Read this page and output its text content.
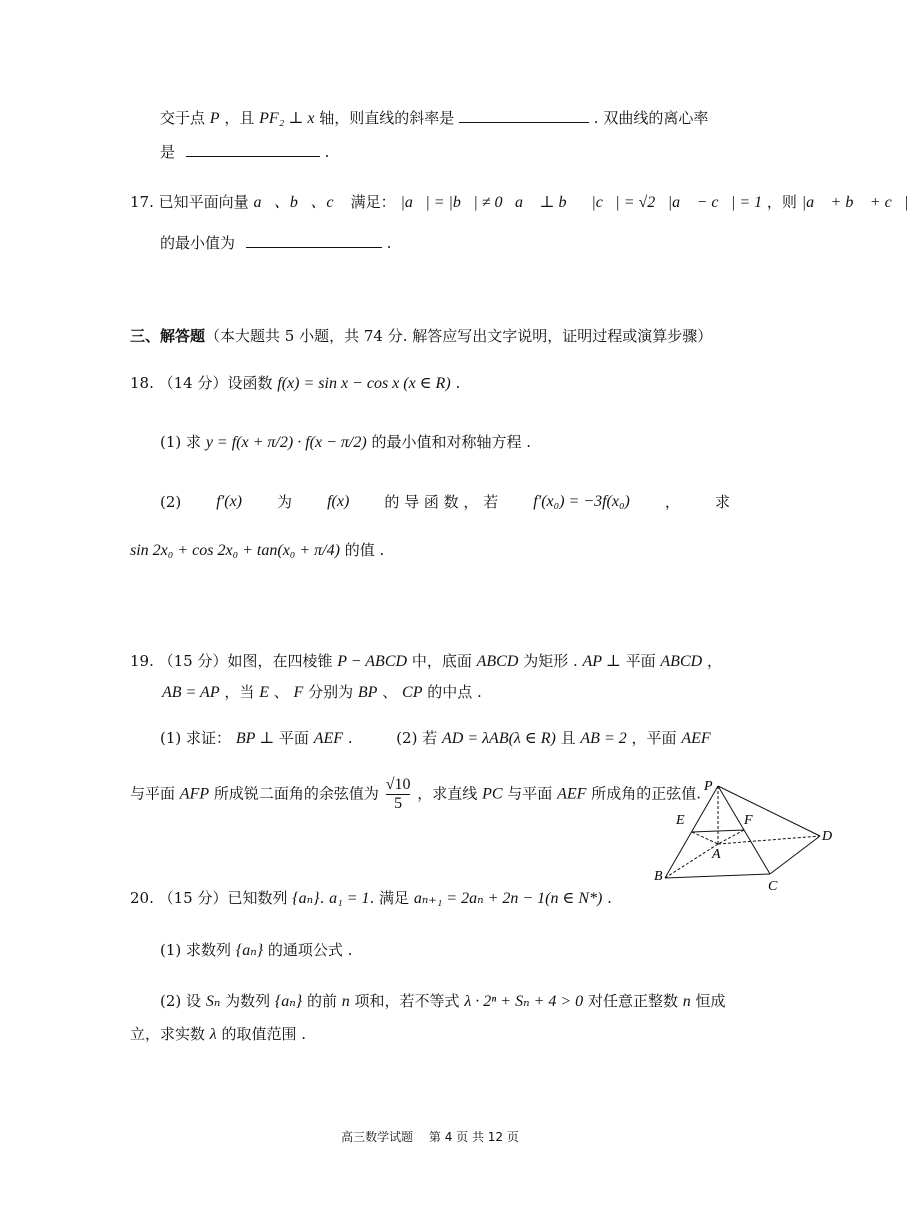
交于点 P ，且 PF₂ ⊥ x 轴，则直线的斜率是	. 双曲线的离心率
是	.
17. 已知平面向量 a⃗、b⃗、c⃗ 满足： |a⃗| = |b⃗| ≠ 0，a⃗ ⊥ b⃗，|c⃗| = √2，|a⃗ − c⃗| = 1 ，则 |a⃗ + b⃗ + c⃗|
的最小值为	.
三、解答题（本大题共 5 小题，共 74 分. 解答应写出文字说明，证明过程或演算步骤）
18. （14 分）设函数 f(x) = sin x − cos x (x ∈ R) .
(1) 求 y = f(x + π/2) · f(x − π/2) 的最小值和对称轴方程 .
(2) f′(x) 为 f(x) 的 导 函 数 ， 若 f′(x₀) = −3f(x₀) ， 求
sin 2x₀ + cos 2x₀ + tan(x₀ + π/4) 的值 .
19. （15 分）如图，在四棱锥 P − ABCD 中，底面 ABCD 为矩形 . AP ⊥ 平面 ABCD ，
AB = AP ，当 E 、 F 分别为 BP 、 CP 的中点 .
(1) 求证： BP ⊥ 平面 AEF .	(2) 若 AD = λAB(λ ∈ R) 且 AB = 2 ，平面 AEF
与平面 AFP 所成锐二面角的余弦值为 $\frac{√10}{5}$ ，求直线 PC 与平面 AEF 所成角的正弦值. P
E	F
A
B
C
D
20. （15 分）已知数列 {aₙ}. a₁ = 1. 满足 aₙ₊₁ = 2aₙ + 2n − 1(n ∈ N*) .
(1) 求数列 {aₙ} 的通项公式 .
(2) 设 Sₙ 为数列 {aₙ} 的前 n 项和，若不等式 λ · 2ⁿ + Sₙ + 4 > 0 对任意正整数 n 恒成
立，求实数 λ 的取值范围 .
高三数学试题　 第 4 页 共 12 页
